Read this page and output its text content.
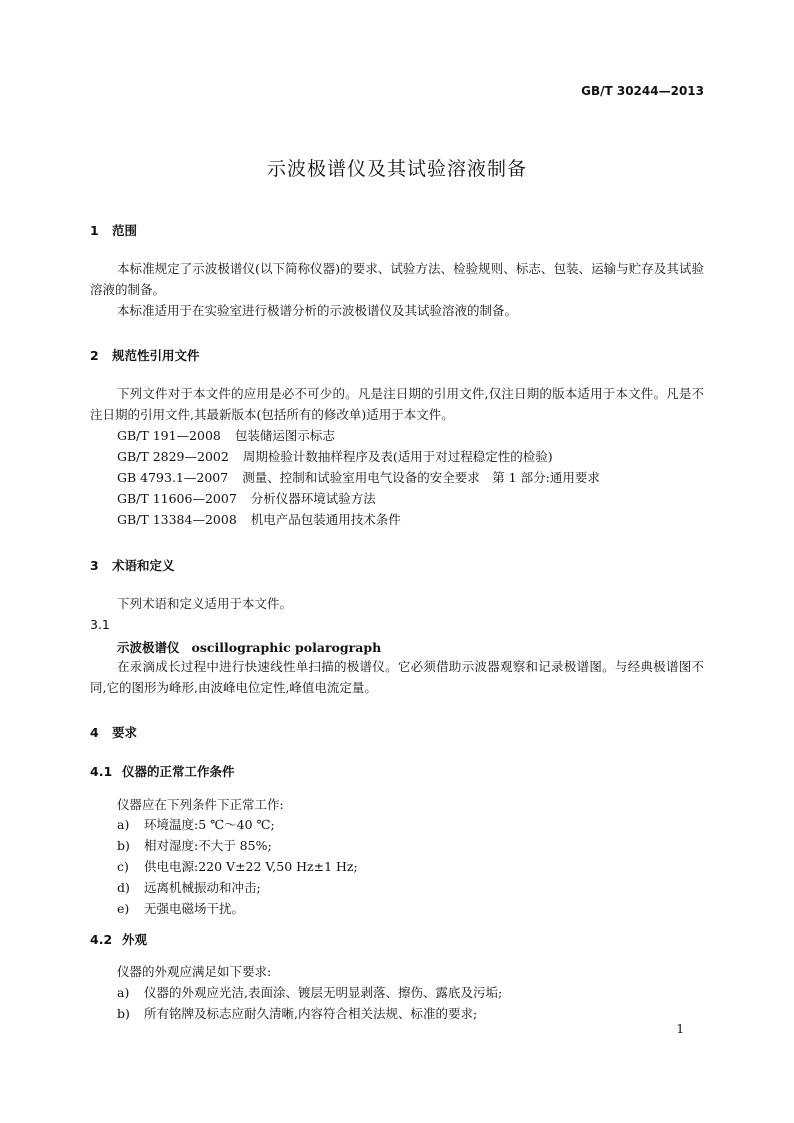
GB/T 30244—2013
示波极谱仪及其试验溶液制备
1 范围
本标准规定了示波极谱仪(以下简称仪器)的要求、试验方法、检验规则、标志、包装、运输与贮存及其试验溶液的制备。
本标准适用于在实验室进行极谱分析的示波极谱仪及其试验溶液的制备。
2 规范性引用文件
下列文件对于本文件的应用是必不可少的。凡是注日期的引用文件,仅注日期的版本适用于本文件。凡是不注日期的引用文件,其最新版本(包括所有的修改单)适用于本文件。
GB/T 191—2008 包装储运图示标志
GB/T 2829—2002 周期检验计数抽样程序及表(适用于对过程稳定性的检验)
GB 4793.1—2007 测量、控制和试验室用电气设备的安全要求　第 1 部分:通用要求
GB/T 11606—2007 分析仪器环境试验方法
GB/T 13384—2008 机电产品包装通用技术条件
3 术语和定义
下列术语和定义适用于本文件。
3.1
示波极谱仪 oscillographic polarograph
在汞滴成长过程中进行快速线性单扫描的极谱仪。它必须借助示波器观察和记录极谱图。与经典极谱图不同,它的图形为峰形,由波峰电位定性,峰值电流定量。
4 要求
4.1 仪器的正常工作条件
仪器应在下列条件下正常工作:
a) 环境温度:5 ℃～40 ℃;
b) 相对湿度:不大于 85%;
c) 供电电源:220 V±22 V,50 Hz±1 Hz;
d) 远离机械振动和冲击;
e) 无强电磁场干扰。
4.2 外观
仪器的外观应满足如下要求:
a) 仪器的外观应光洁,表面涂、镀层无明显剥落、擦伤、露底及污垢;
b) 所有铭牌及标志应耐久清晰,内容符合相关法规、标准的要求;
1
